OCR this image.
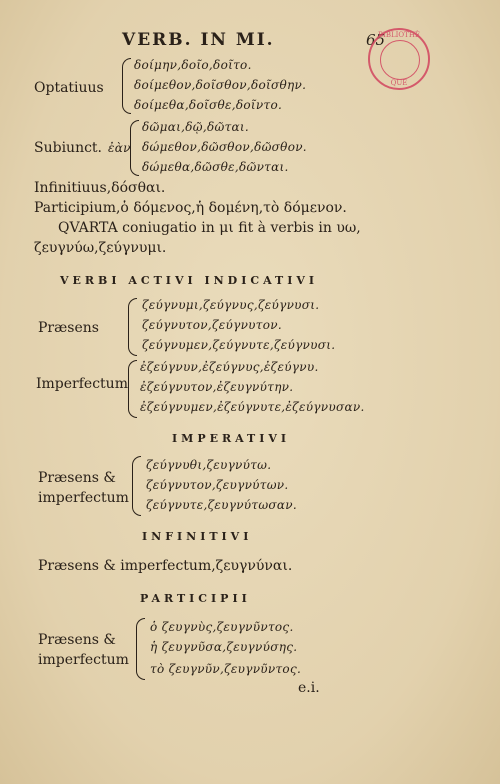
VERB. IN MI.	65
BIBLIOTHÈ
QUE
Optatiuus
δοίμην,δοῖο,δοῖτο.
δοίμεθον,δοῖσθον,δοῖσθην.
δοίμεθα,δοῖσθε,δοῖντο.
Subiunct. ἐὰν
δῶμαι,δῷ,δῶται.
δώμεθον,δῶσθον,δῶσθον.
δώμεθα,δῶσθε,δῶνται.
Infinitiuus,δόσθαι.
Participium,ὁ δόμενος,ἡ δομένη,τὸ δόμενον.
QVARTA coniugatio in μι fit à verbis in υω,
ζευγνύω,ζεύγνυμι.
VERBI ACTIVI INDICATIVI
Præsens
ζεύγνυμι,ζεύγνυς,ζεύγνυσι.
ζεύγνυτον,ζεύγνυτον.
ζεύγνυμεν,ζεύγνυτε,ζεύγνυσι.
Imperfectum
ἐζεύγνυν,ἐζεύγνυς,ἐζεύγνυ.
ἐζεύγνυτον,ἐζευγνύτην.
ἐζεύγνυμεν,ἐζεύγνυτε,ἐζεύγνυσαν.
IMPERATIVI
Præsens &
imperfectum
ζεύγνυθι,ζευγνύτω.
ζεύγνυτον,ζευγνύτων.
ζεύγνυτε,ζευγνύτωσαν.
INFINITIVI
Præsens & imperfectum,ζευγνύναι.
PARTICIPII
Præsens &
imperfectum
ὁ ζευγνὺς,ζευγνῦντος.
ἡ ζευγνῦσα,ζευγνύσης.
τὸ ζευγνῦν,ζευγνῦντος.
e.i.
